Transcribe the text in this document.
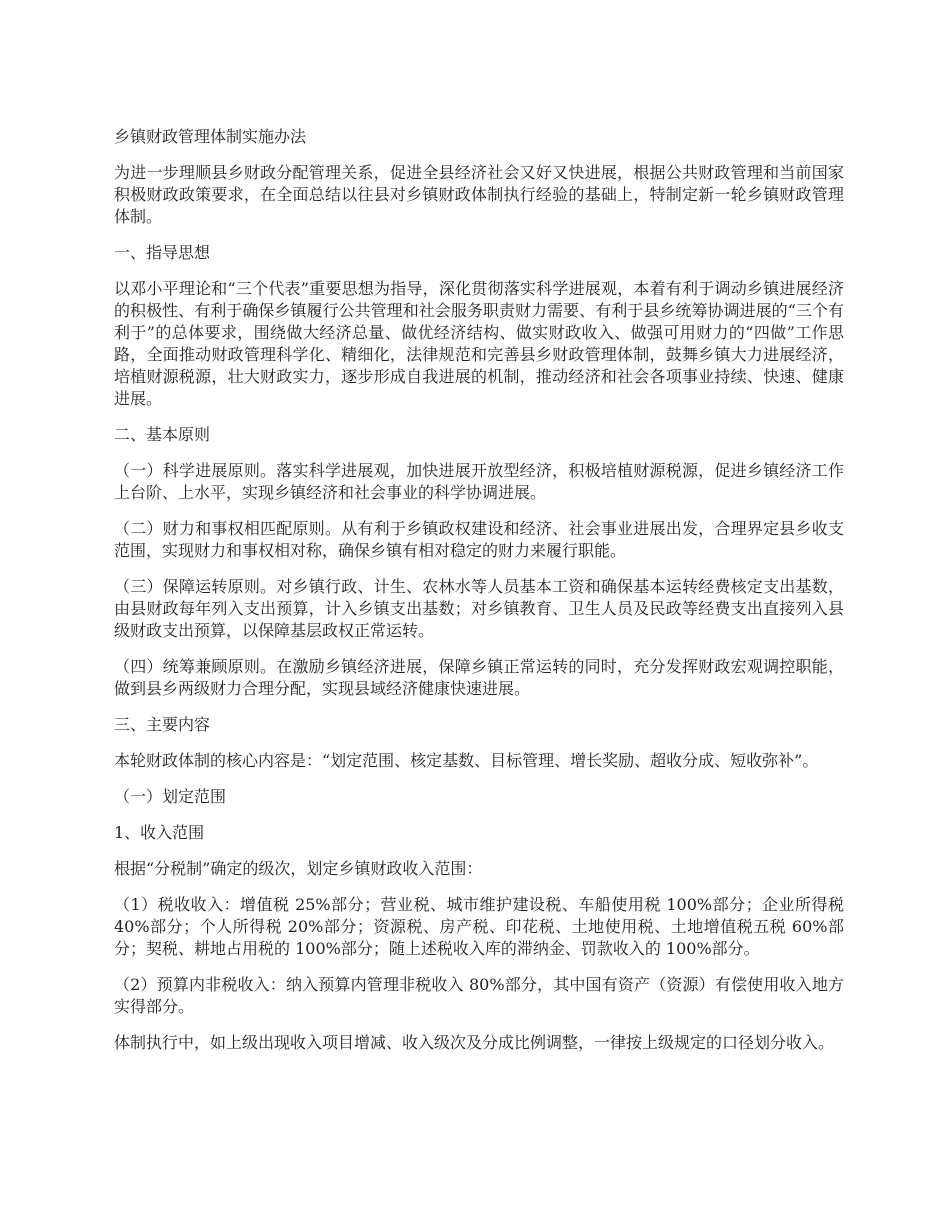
乡镇财政管理体制实施办法

为进一步理顺县乡财政分配管理关系，促进全县经济社会又好又快进展，根据公共财政管理和当前国家积极财政政策要求，在全面总结以往县对乡镇财政体制执行经验的基础上，特制定新一轮乡镇财政管理体制。

一、指导思想

以邓小平理论和“三个代表”重要思想为指导，深化贯彻落实科学进展观，本着有利于调动乡镇进展经济的积极性、有利于确保乡镇履行公共管理和社会服务职责财力需要、有利于县乡统筹协调进展的“三个有利于”的总体要求，围绕做大经济总量、做优经济结构、做实财政收入、做强可用财力的“四做”工作思路，全面推动财政管理科学化、精细化，法律规范和完善县乡财政管理体制，鼓舞乡镇大力进展经济，培植财源税源，壮大财政实力，逐步形成自我进展的机制，推动经济和社会各项事业持续、快速、健康进展。

二、基本原则

（一）科学进展原则。落实科学进展观，加快进展开放型经济，积极培植财源税源，促进乡镇经济工作上台阶、上水平，实现乡镇经济和社会事业的科学协调进展。

（二）财力和事权相匹配原则。从有利于乡镇政权建设和经济、社会事业进展出发，合理界定县乡收支范围，实现财力和事权相对称，确保乡镇有相对稳定的财力来履行职能。

（三）保障运转原则。对乡镇行政、计生、农林水等人员基本工资和确保基本运转经费核定支出基数，由县财政每年列入支出预算，计入乡镇支出基数；对乡镇教育、卫生人员及民政等经费支出直接列入县级财政支出预算，以保障基层政权正常运转。

（四）统筹兼顾原则。在激励乡镇经济进展，保障乡镇正常运转的同时，充分发挥财政宏观调控职能，做到县乡两级财力合理分配，实现县域经济健康快速进展。

三、主要内容

本轮财政体制的核心内容是：“划定范围、核定基数、目标管理、增长奖励、超收分成、短收弥补”。

（一）划定范围
1、收入范围

根据“分税制”确定的级次，划定乡镇财政收入范围：

（1）税收收入：增值税 25%部分；营业税、城市维护建设税、车船使用税 100%部分；企业所得税 40%部分；个人所得税 20%部分；资源税、房产税、印花税、土地使用税、土地增值税五税 60%部分；契税、耕地占用税的 100%部分；随上述税收入库的滞纳金、罚款收入的 100%部分。

（2）预算内非税收入：纳入预算内管理非税收入 80%部分，其中国有资产（资源）有偿使用收入地方实得部分。

体制执行中，如上级出现收入项目增减、收入级次及分成比例调整，一律按上级规定的口径划分收入。
